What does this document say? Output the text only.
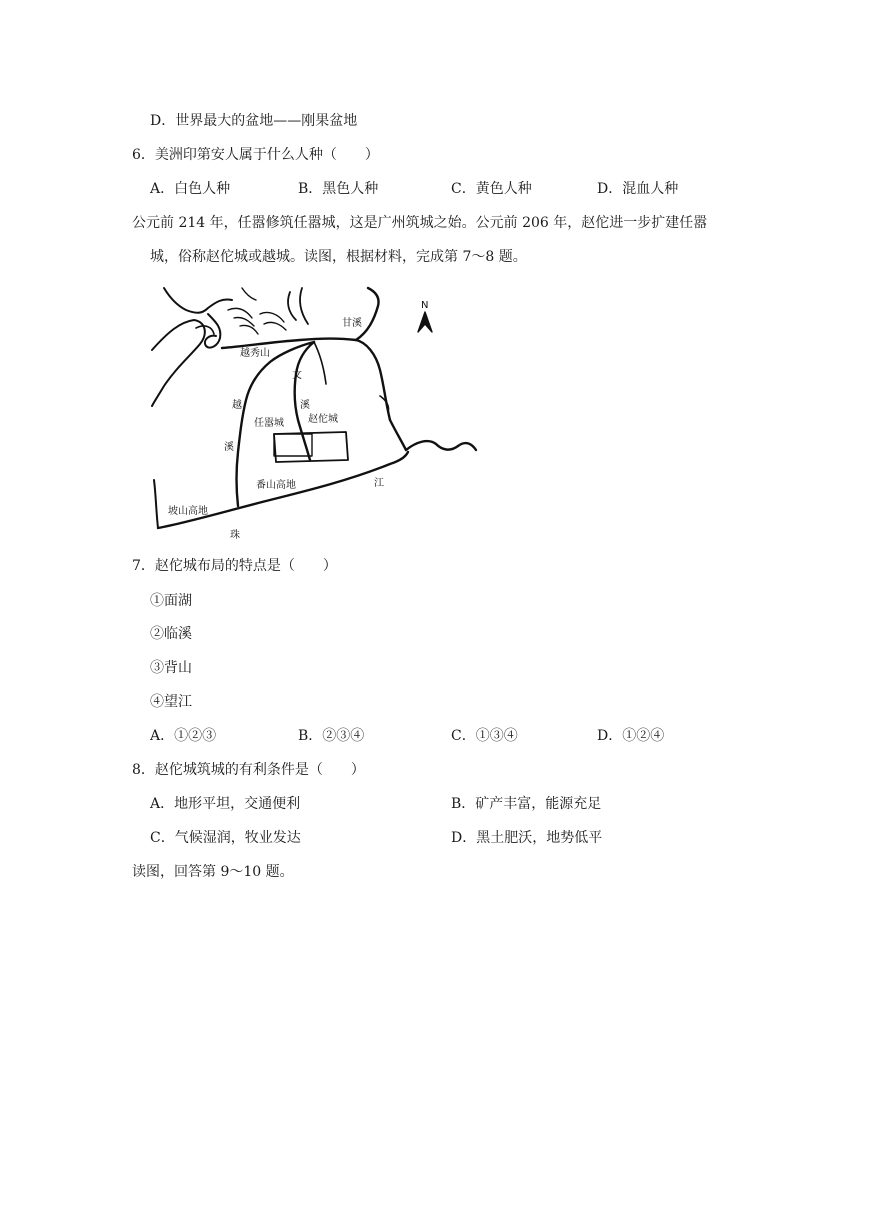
D．世界最大的盆地——刚果盆地
6．美洲印第安人属于什么人种（　　）
A．白色人种	B．黑色人种	C．黄色人种	D．混血人种
公元前 214 年，任嚣修筑任嚣城，这是广州筑城之始。公元前 206 年，赵佗进一步扩建任嚣
城，俗称赵佗城或越城。读图，根据材料，完成第 7～8 题。
N
越秀山
甘溪
文
溪
越
溪
任嚣城 赵佗城
番山高地
坡山高地
江
珠
7．赵佗城布局的特点是（　　）
①面湖
②临溪
③背山
④望江
A．①②③	B．②③④	C．①③④	D．①②④
8．赵佗城筑城的有利条件是（　　）
A．地形平坦，交通便利	B．矿产丰富，能源充足
C．气候湿润，牧业发达	D．黑土肥沃，地势低平
读图，回答第 9～10 题。
